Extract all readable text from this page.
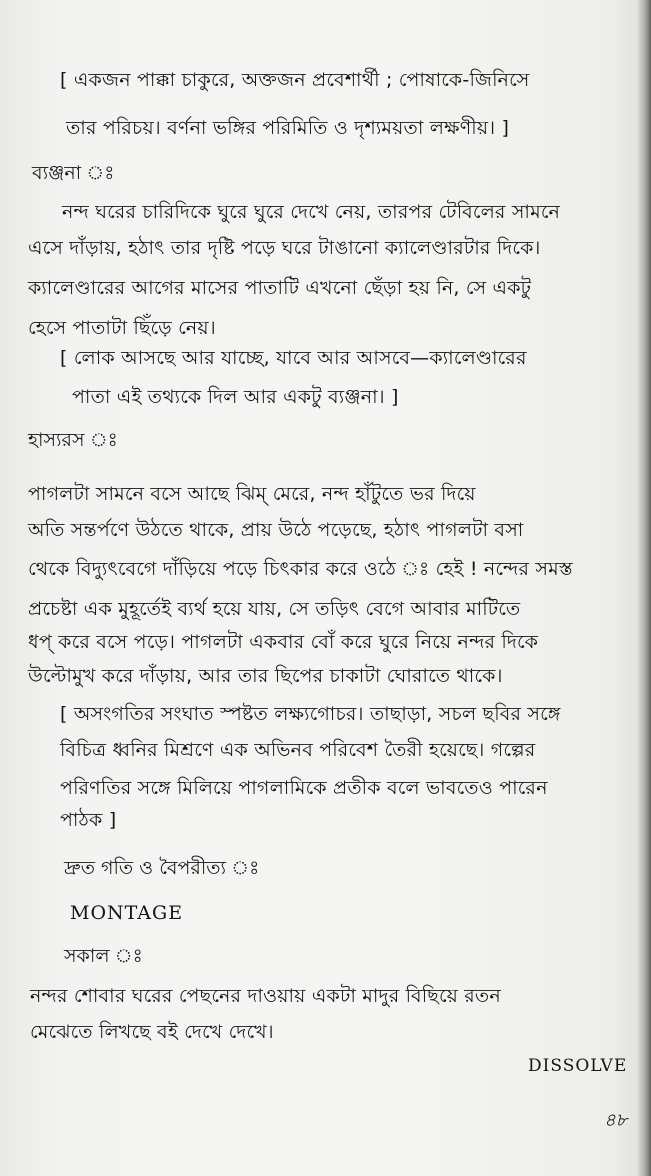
[ একজন পাক্কা চাকুরে, অক্তজন প্রবেশার্থী ; পোষাকে-জিনিসে
তার পরিচয়। বর্ণনা ভঙ্গির পরিমিতি ও দৃশ্যময়তা লক্ষণীয়। ]
ব্যঞ্জনা ঃ
নন্দ ঘরের চারিদিকে ঘুরে ঘুরে দেখে নেয়, তারপর টেবিলের সামনে
এসে দাঁড়ায়, হঠাৎ তার দৃষ্টি পড়ে ঘরে টাঙানো ক্যালেণ্ডারটার দিকে।
ক্যালেণ্ডারের আগের মাসের পাতাটি এখনো ছেঁড়া হয় নি, সে একটু
হেসে পাতাটা ছিঁড়ে নেয়।
[ লোক আসছে আর যাচ্ছে, যাবে আর আসবে—ক্যালেণ্ডারের
পাতা এই তথ্যকে দিল আর একটু ব্যঞ্জনা। ]
হাস্যরস ঃ
পাগলটা সামনে বসে আছে ঝিম্ মেরে, নন্দ হাঁটুতে ভর দিয়ে
অতি সন্তর্পণে উঠতে থাকে, প্রায় উঠে পড়েছে, হঠাৎ পাগলটা বসা
থেকে বিদ্যুৎবেগে দাঁড়িয়ে পড়ে চিৎকার করে ওঠে ঃ হেই ! নন্দের সমস্ত
প্রচেষ্টা এক মুহূর্তেই ব্যর্থ হয়ে যায়, সে তড়িৎ বেগে আবার মাটিতে
ধপ্ করে বসে পড়ে। পাগলটা একবার বোঁ করে ঘুরে নিয়ে নন্দর দিকে
উল্টোমুখ করে দাঁড়ায়, আর তার ছিপের চাকাটা ঘোরাতে থাকে।
[ অসংগতির সংঘাত স্পষ্টত লক্ষ্যগোচর। তাছাড়া, সচল ছবির সঙ্গে
বিচিত্র ধ্বনির মিশ্রণে এক অভিনব পরিবেশ তৈরী হয়েছে। গল্পের
পরিণতির সঙ্গে মিলিয়ে পাগলামিকে প্রতীক বলে ভাবতেও পারেন
পাঠক ]
দ্রুত গতি ও বৈপরীত্য ঃ
MONTAGE
সকাল ঃ
নন্দর শোবার ঘরের পেছনের দাওয়ায় একটা মাদুর বিছিয়ে রতন
মেঝেতে লিখছে বই দেখে দেখে।
DISSOLVE
৪৮
